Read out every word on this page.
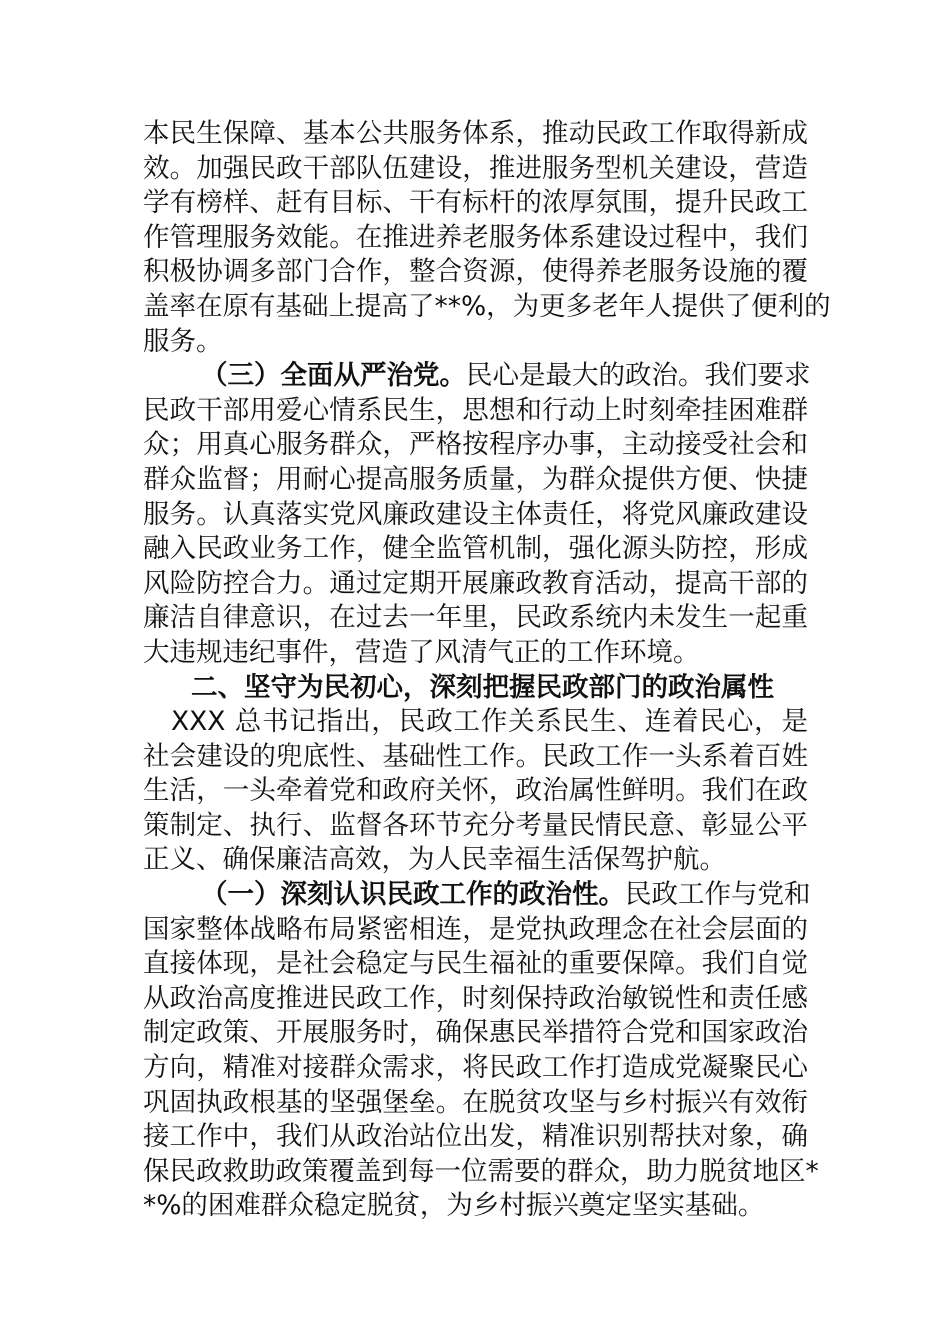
本民生保障、基本公共服务体系，推动民政工作取得新成
效。加强民政干部队伍建设，推进服务型机关建设，营造
学有榜样、赶有目标、干有标杆的浓厚氛围，提升民政工
作管理服务效能。在推进养老服务体系建设过程中，我们
积极协调多部门合作，整合资源，使得养老服务设施的覆
盖率在原有基础上提高了**%，为更多老年人提供了便利的
服务。
（三）全面从严治党。民心是最大的政治。我们要求
民政干部用爱心情系民生，思想和行动上时刻牵挂困难群
众；用真心服务群众，严格按程序办事，主动接受社会和
群众监督；用耐心提高服务质量，为群众提供方便、快捷
服务。认真落实党风廉政建设主体责任，将党风廉政建设
融入民政业务工作，健全监管机制，强化源头防控，形成
风险防控合力。通过定期开展廉政教育活动，提高干部的
廉洁自律意识，在过去一年里，民政系统内未发生一起重
大违规违纪事件，营造了风清气正的工作环境。
二、坚守为民初心，深刻把握民政部门的政治属性
XXX 总书记指出，民政工作关系民生、连着民心，是
社会建设的兜底性、基础性工作。民政工作一头系着百姓
生活，一头牵着党和政府关怀，政治属性鲜明。我们在政
策制定、执行、监督各环节充分考量民情民意、彰显公平
正义、确保廉洁高效，为人民幸福生活保驾护航。
（一）深刻认识民政工作的政治性。民政工作与党和
国家整体战略布局紧密相连，是党执政理念在社会层面的
直接体现，是社会稳定与民生福祉的重要保障。我们自觉
从政治高度推进民政工作，时刻保持政治敏锐性和责任感
制定政策、开展服务时，确保惠民举措符合党和国家政治
方向，精准对接群众需求，将民政工作打造成党凝聚民心
巩固执政根基的坚强堡垒。在脱贫攻坚与乡村振兴有效衔
接工作中，我们从政治站位出发，精准识别帮扶对象，确
保民政救助政策覆盖到每一位需要的群众，助力脱贫地区*
*%的困难群众稳定脱贫，为乡村振兴奠定坚实基础。
